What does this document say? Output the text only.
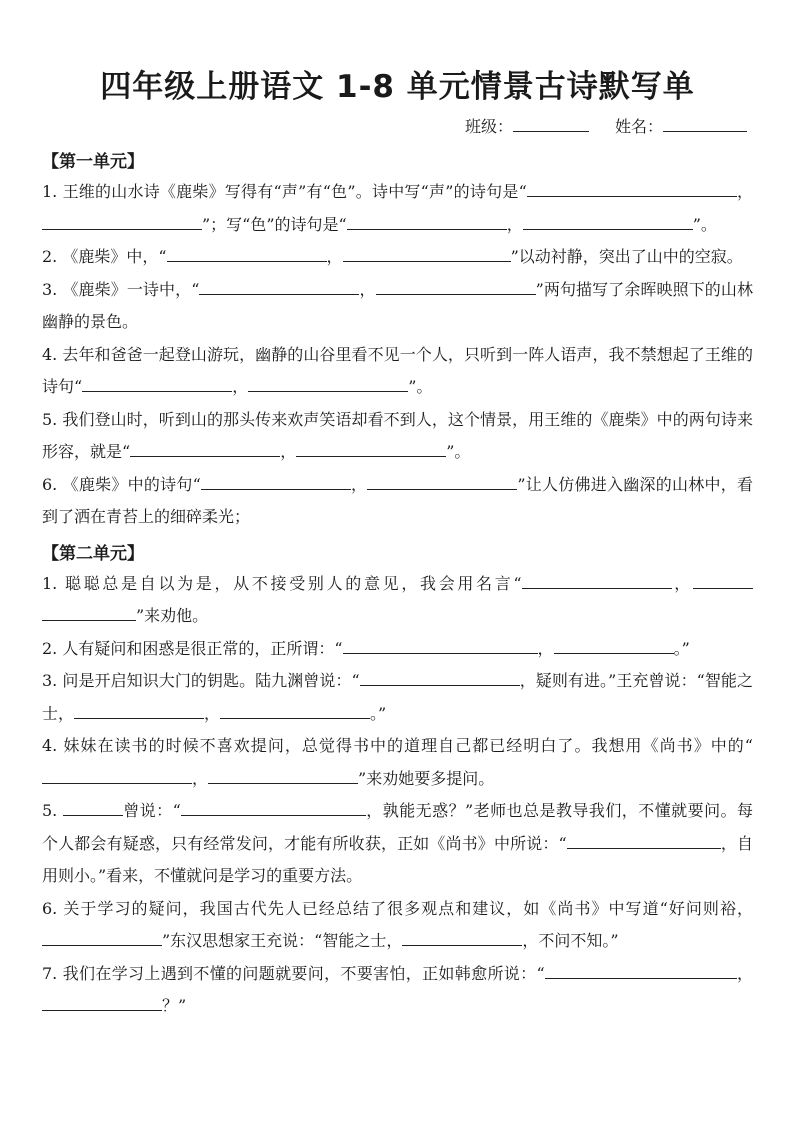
四年级上册语文 1-8 单元情景古诗默写单
班级：	姓名：
【第一单元】

1. 王维的山水诗《鹿柴》写得有“声”有“色”。诗中写“声”的诗句是“	，”；写“色”的诗句是“	，	”。

2. 《鹿柴》中，“	，	”以动衬静，突出了山中的空寂。

3. 《鹿柴》一诗中，“	，	”两句描写了余晖映照下的山林幽静的景色。

4. 去年和爸爸一起登山游玩，幽静的山谷里看不见一个人，只听到一阵人语声，我不禁想起了王维的诗句“	，	”。

5. 我们登山时，听到山的那头传来欢声笑语却看不到人，这个情景，用王维的《鹿柴》中的两句诗来形容，就是“	，	”。

6. 《鹿柴》中的诗句“	，	”让人仿佛进入幽深的山林中，看到了洒在青苔上的细碎柔光；

【第二单元】

1. 聪聪总是自以为是，从不接受别人的意见，我会用名言“	，”来劝他。

2. 人有疑问和困惑是很正常的，正所谓：“	，	。”

3. 问是开启知识大门的钥匙。陆九渊曾说：“	，疑则有进。”王充曾说：“智能之士，	，	。”

4. 妹妹在读书的时候不喜欢提问，总觉得书中的道理自己都已经明白了。我想用《尚书》中的“，	”来劝她要多提问。

5.	曾说：“	，孰能无惑？”老师也总是教导我们，不懂就要问。每个人都会有疑惑，只有经常发问，才能有所收获，正如《尚书》中所说：“	，自用则小。”看来，不懂就问是学习的重要方法。

6. 关于学习的疑问，我国古代先人已经总结了很多观点和建议，如《尚书》中写道“好问则裕，”东汉思想家王充说：“智能之士，	，不问不知。”

7. 我们在学习上遇到不懂的问题就要问，不要害怕，正如韩愈所说：“	，？”
